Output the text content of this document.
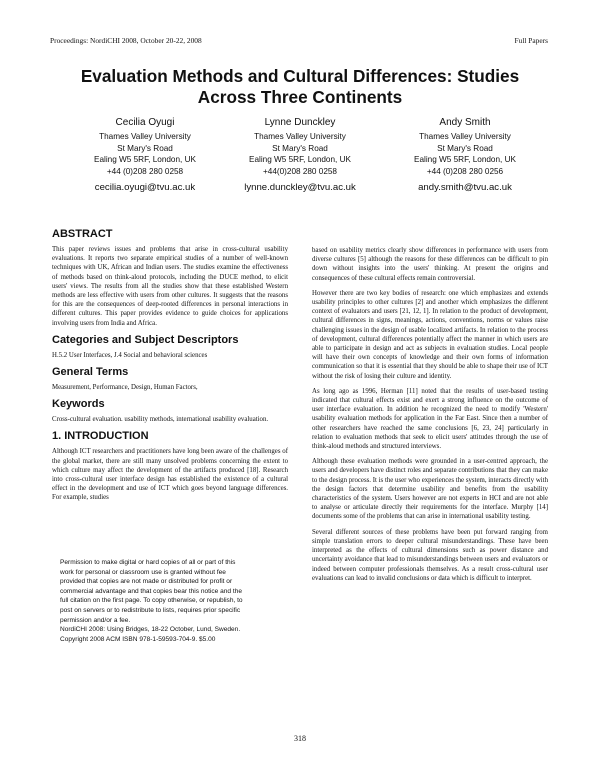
Proceedings: NordiCHI 2008, October 20-22, 2008	Full Papers
Evaluation Methods and Cultural Differences: Studies Across Three Continents
Cecilia Oyugi
Thames Valley University
St Mary's Road
Ealing W5 5RF, London, UK
+44 (0)208 280 0258
cecilia.oyugi@tvu.ac.uk
Lynne Dunckley
Thames Valley University
St Mary's Road
Ealing W5 5RF, London, UK
+44(0)208 280 0258
lynne.dunckley@tvu.ac.uk
Andy Smith
Thames Valley University
St Mary's Road
Ealing W5 5RF, London, UK
+44 (0)208 280 0256
andy.smith@tvu.ac.uk
ABSTRACT

This paper reviews issues and problems that arise in cross-cultural usability evaluations. It reports two separate empirical studies of a number of well-known techniques with UK, African and Indian users. The studies examine the effectiveness of methods based on think-aloud protocols, including the DUCE method, to elicit users' views. The results from all the studies show that these established Western methods are less effective with users from other cultures. It suggests that the reasons for this are the consequences of deep-rooted differences in personal interactions in different cultures. This paper provides evidence to guide choices for applications involving users from India and Africa.

Categories and Subject Descriptors

H.5.2 User Interfaces, J.4 Social and behavioral sciences

General Terms

Measurement, Performance, Design, Human Factors,

Keywords

Cross-cultural evaluation. usability methods, international usability evaluation.

1. INTRODUCTION

Although ICT researchers and practitioners have long been aware of the challenges of the global market, there are still many unsolved problems concerning the extent to which culture may affect the development of the artifacts produced [18]. Research into cross-cultural user interface design has established the existence of a cultural effect in the development and use of ICT which goes beyond language differences. For example, studies

Permission to make digital or hard copies of all or part of this
work for personal or classroom use is granted without fee
provided that copies are not made or distributed for profit or
commercial advantage and that copies bear this notice and the
full citation on the first page. To copy otherwise, or republish, to
post on servers or to redistribute to lists, requires prior specific
permission and/or a fee.
NordiCHI 2008: Using Bridges, 18-22 October, Lund, Sweden.
Copyright 2008 ACM ISBN 978-1-59593-704-9. $5.00

based on usability metrics clearly show differences in performance with users from diverse cultures [5] although the reasons for these differences can be difficult to pin down without insights into the users' thinking. At present the origins and consequences of these cultural effects remain controversial.

However there are two key bodies of research: one which emphasizes and extends usability principles to other cultures [2] and another which emphasizes the different context of evaluators and users [21, 12, 1]. In relation to the product of development, cultural differences in signs, meanings, actions, conventions, norms or values raise challenging issues in the design of usable localized artifacts. In relation to the process of development, cultural differences potentially affect the manner in which users are able to participate in design and act as subjects in evaluation studies. Local people will have their own concepts of knowledge and their own forms of information communication so that it is essential that they should be able to shape their use of ICT without the risk of losing their culture and identity.

As long ago as 1996, Herman [11] noted that the results of user-based testing indicated that cultural effects exist and exert a strong influence on the outcome of user interface evaluation. In addition he recognized the need to modify 'Western' usability evaluation methods for application in the Far East. Since then a number of other researchers have reached the same conclusions [6, 23, 24] particularly in relation to evaluation methods that seek to elicit users' attitudes through the use of think-aloud methods and structured interviews.

Although these evaluation methods were grounded in a user-centred approach, the users and developers have distinct roles and separate contributions that they can make to the design process. It is the user who experiences the system, interacts directly with the design factors that determine usability and benefits from the usability characteristics of the system. Users however are not experts in HCI and are not able to analyse or articulate directly their requirements for the interface. Murphy [14] documents some of the problems that can arise in international usability testing.

Several different sources of these problems have been put forward ranging from simple translation errors to deeper cultural misunderstandings. These have been interpreted as the effects of cultural dimensions such as power distance and uncertainty avoidance that lead to misunderstandings between users and evaluators or indeed between computer professionals themselves. As a result cross-cultural user evaluations can lead to invalid conclusions or data which is difficult to interpret.

318
